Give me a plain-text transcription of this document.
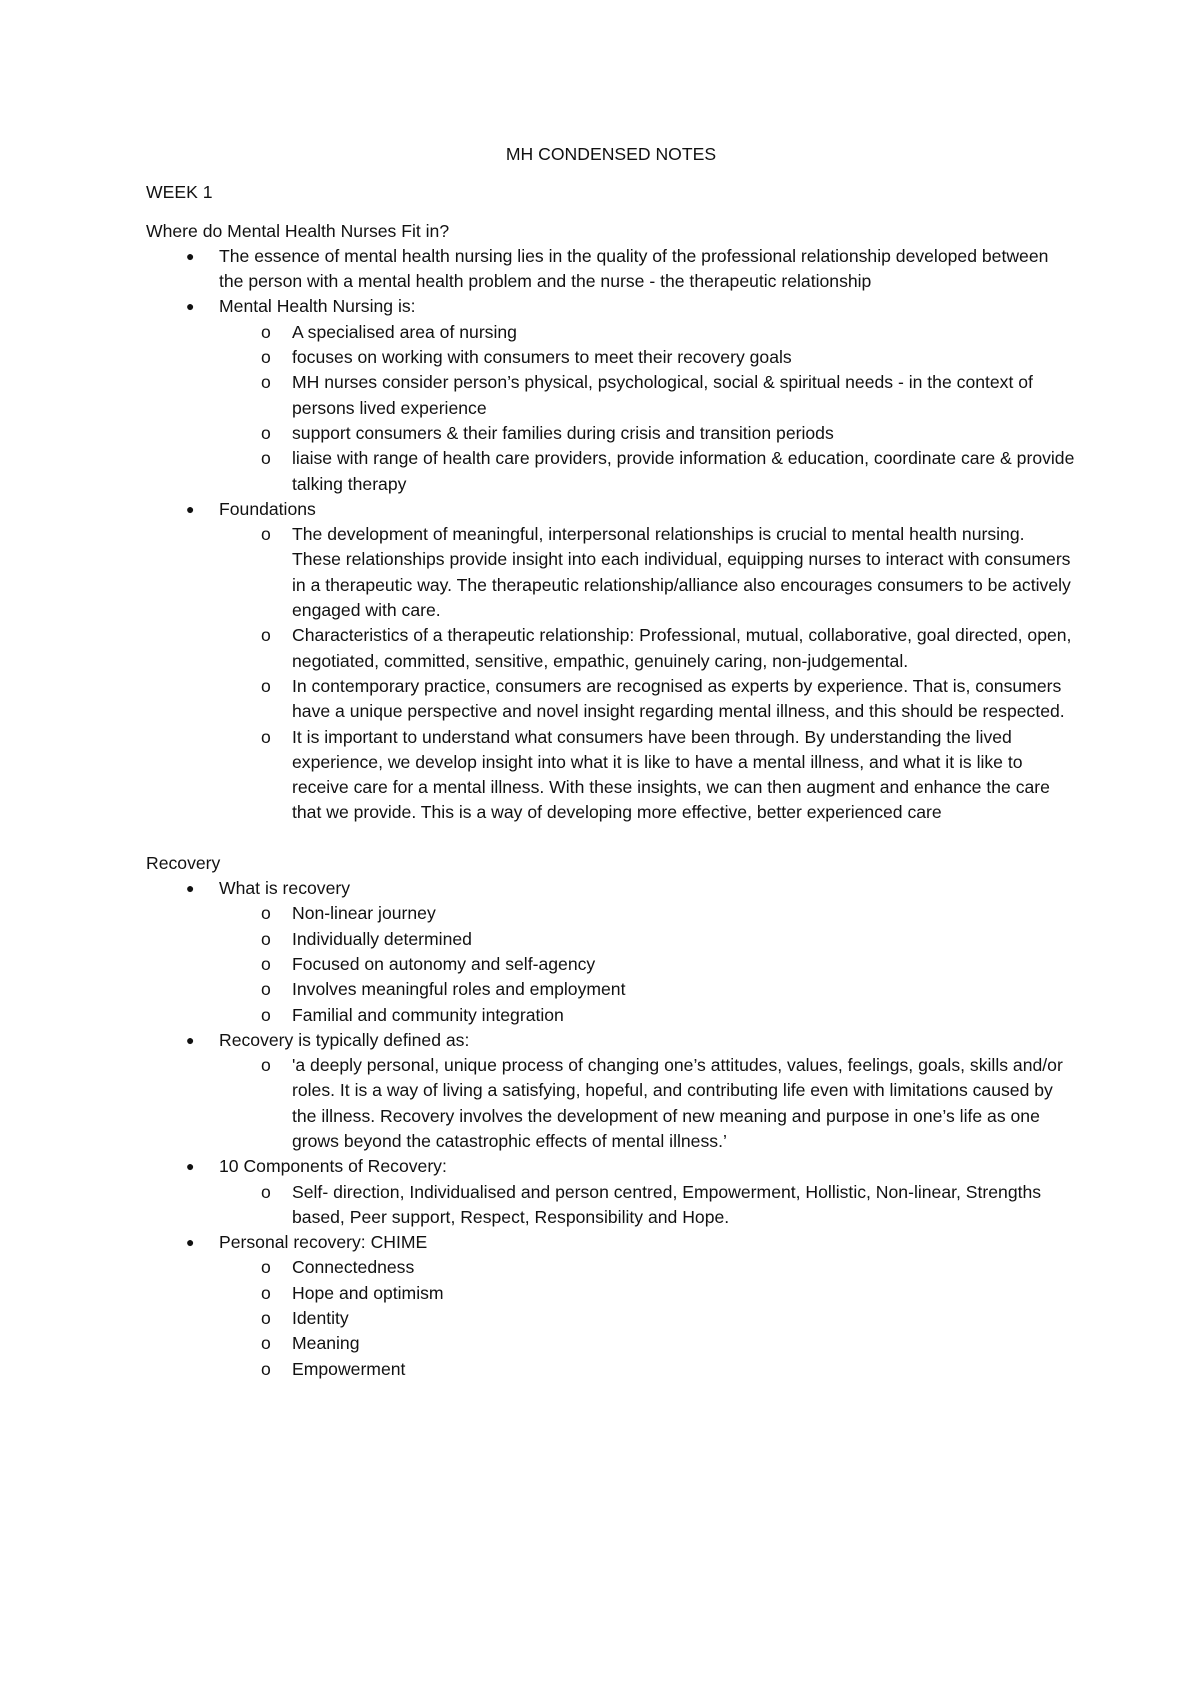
MH CONDENSED NOTES
WEEK 1
Where do Mental Health Nurses Fit in?
● The essence of mental health nursing lies in the quality of the professional relationship developed between the person with a mental health problem and the nurse - the therapeutic relationship
● Mental Health Nursing is:
o A specialised area of nursing
o focuses on working with consumers to meet their recovery goals
o MH nurses consider person’s physical, psychological, social & spiritual needs - in the context of persons lived experience
o support consumers & their families during crisis and transition periods
o liaise with range of health care providers, provide information & education, coordinate care & provide talking therapy
● Foundations
o The development of meaningful, interpersonal relationships is crucial to mental health nursing. These relationships provide insight into each individual, equipping nurses to interact with consumers in a therapeutic way. The therapeutic relationship/alliance also encourages consumers to be actively engaged with care.
o Characteristics of a therapeutic relationship: Professional, mutual, collaborative, goal directed, open, negotiated, committed, sensitive, empathic, genuinely caring, non-judgemental.
o In contemporary practice, consumers are recognised as experts by experience. That is, consumers have a unique perspective and novel insight regarding mental illness, and this should be respected.
o It is important to understand what consumers have been through. By understanding the lived experience, we develop insight into what it is like to have a mental illness, and what it is like to receive care for a mental illness. With these insights, we can then augment and enhance the care that we provide. This is a way of developing more effective, better experienced care
Recovery
● What is recovery
o Non-linear journey
o Individually determined
o Focused on autonomy and self-agency
o Involves meaningful roles and employment
o Familial and community integration
● Recovery is typically defined as:
o 'a deeply personal, unique process of changing one’s attitudes, values, feelings, goals, skills and/or roles. It is a way of living a satisfying, hopeful, and contributing life even with limitations caused by the illness. Recovery involves the development of new meaning and purpose in one’s life as one grows beyond the catastrophic effects of mental illness.’
● 10 Components of Recovery:
o Self- direction, Individualised and person centred, Empowerment, Hollistic, Non-linear, Strengths based, Peer support, Respect, Responsibility and Hope.
● Personal recovery: CHIME
o Connectedness
o Hope and optimism
o Identity
o Meaning
o Empowerment
